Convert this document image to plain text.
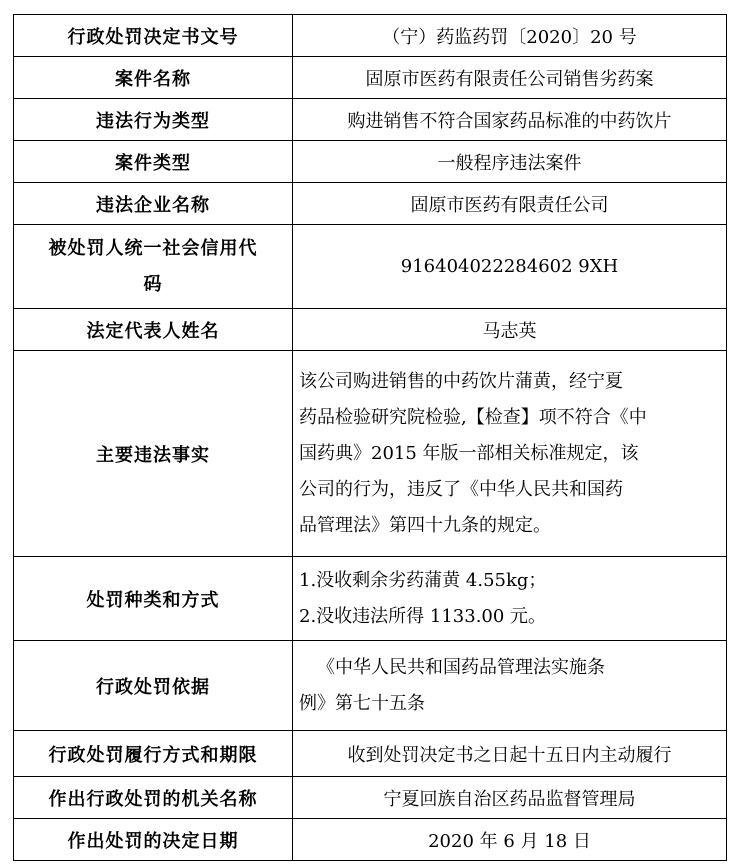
行政处罚决定书文号	（宁）药监药罚〔2020〕20 号
案件名称	固原市医药有限责任公司销售劣药案
违法行为类型	购进销售不符合国家药品标准的中药饮片
案件类型	一般程序违法案件
违法企业名称	固原市医药有限责任公司

被处罚人统一社会信用代
码	916404022284602 9XH
法定代表人姓名	马志英
主要违法事实	该公司购进销售的中药饮片蒲黄，经宁夏
药品检验研究院检验,【检查】项不符合《中
国药典》2015 年版一部相关标准规定，该
公司的行为，违反了《中华人民共和国药
品管理法》第四十九条的规定。

处罚种类和方式	1.没收剩余劣药蒲黄 4.55kg；
2.没收违法所得 1133.00 元。

行政处罚依据	《中华人民共和国药品管理法实施条
例》第七十五条

行政处罚履行方式和期限	收到处罚决定书之日起十五日内主动履行
作出行政处罚的机关名称	宁夏回族自治区药品监督管理局
作出处罚的决定日期	2020 年 6 月 18 日
